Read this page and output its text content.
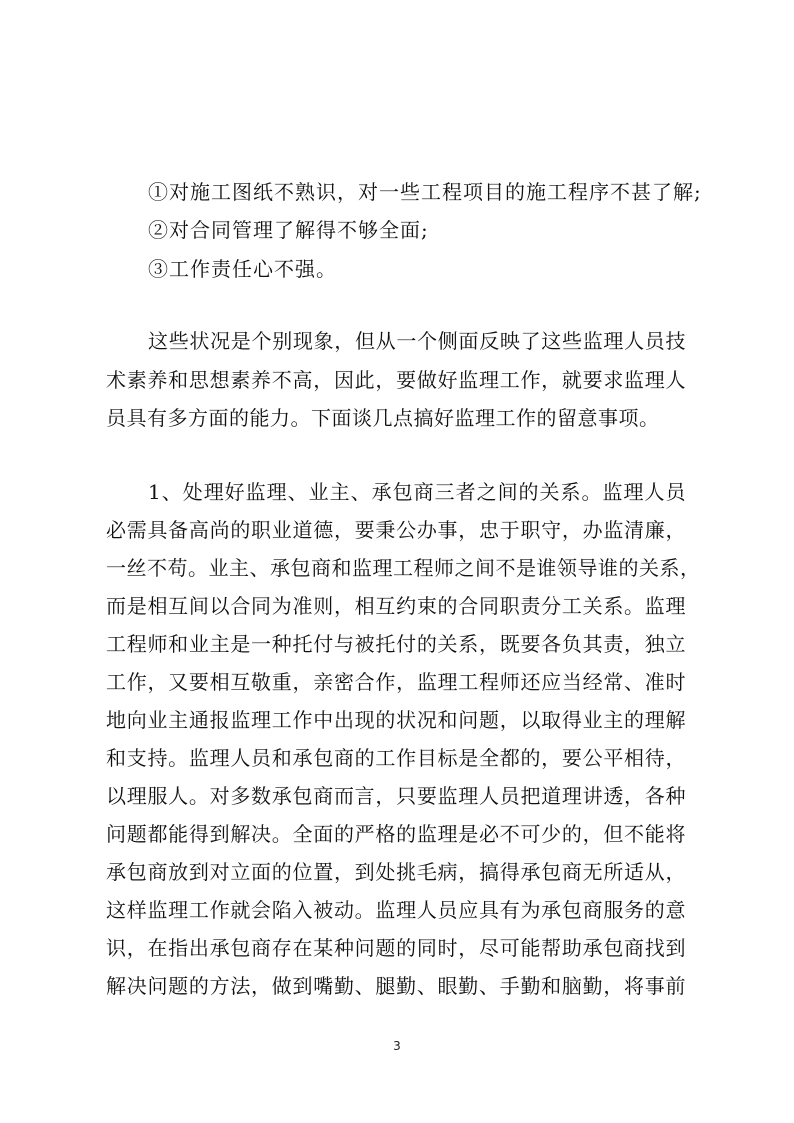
①对施工图纸不熟识，对一些工程项目的施工程序不甚了解;
②对合同管理了解得不够全面;
③工作责任心不强。
这些状况是个别现象，但从一个侧面反映了这些监理人员技
术素养和思想素养不高，因此，要做好监理工作，就要求监理人
员具有多方面的能力。下面谈几点搞好监理工作的留意事项。
1、处理好监理、业主、承包商三者之间的关系。监理人员
必需具备高尚的职业道德，要秉公办事，忠于职守，办监清廉，
一丝不苟。业主、承包商和监理工程师之间不是谁领导谁的关系，
而是相互间以合同为准则，相互约束的合同职责分工关系。监理
工程师和业主是一种托付与被托付的关系，既要各负其责，独立
工作，又要相互敬重，亲密合作，监理工程师还应当经常、准时
地向业主通报监理工作中出现的状况和问题，以取得业主的理解
和支持。监理人员和承包商的工作目标是全都的，要公平相待，
以理服人。对多数承包商而言，只要监理人员把道理讲透，各种
问题都能得到解决。全面的严格的监理是必不可少的，但不能将
承包商放到对立面的位置，到处挑毛病，搞得承包商无所适从，
这样监理工作就会陷入被动。监理人员应具有为承包商服务的意
识，在指出承包商存在某种问题的同时，尽可能帮助承包商找到
解决问题的方法，做到嘴勤、腿勤、眼勤、手勤和脑勤，将事前
3
